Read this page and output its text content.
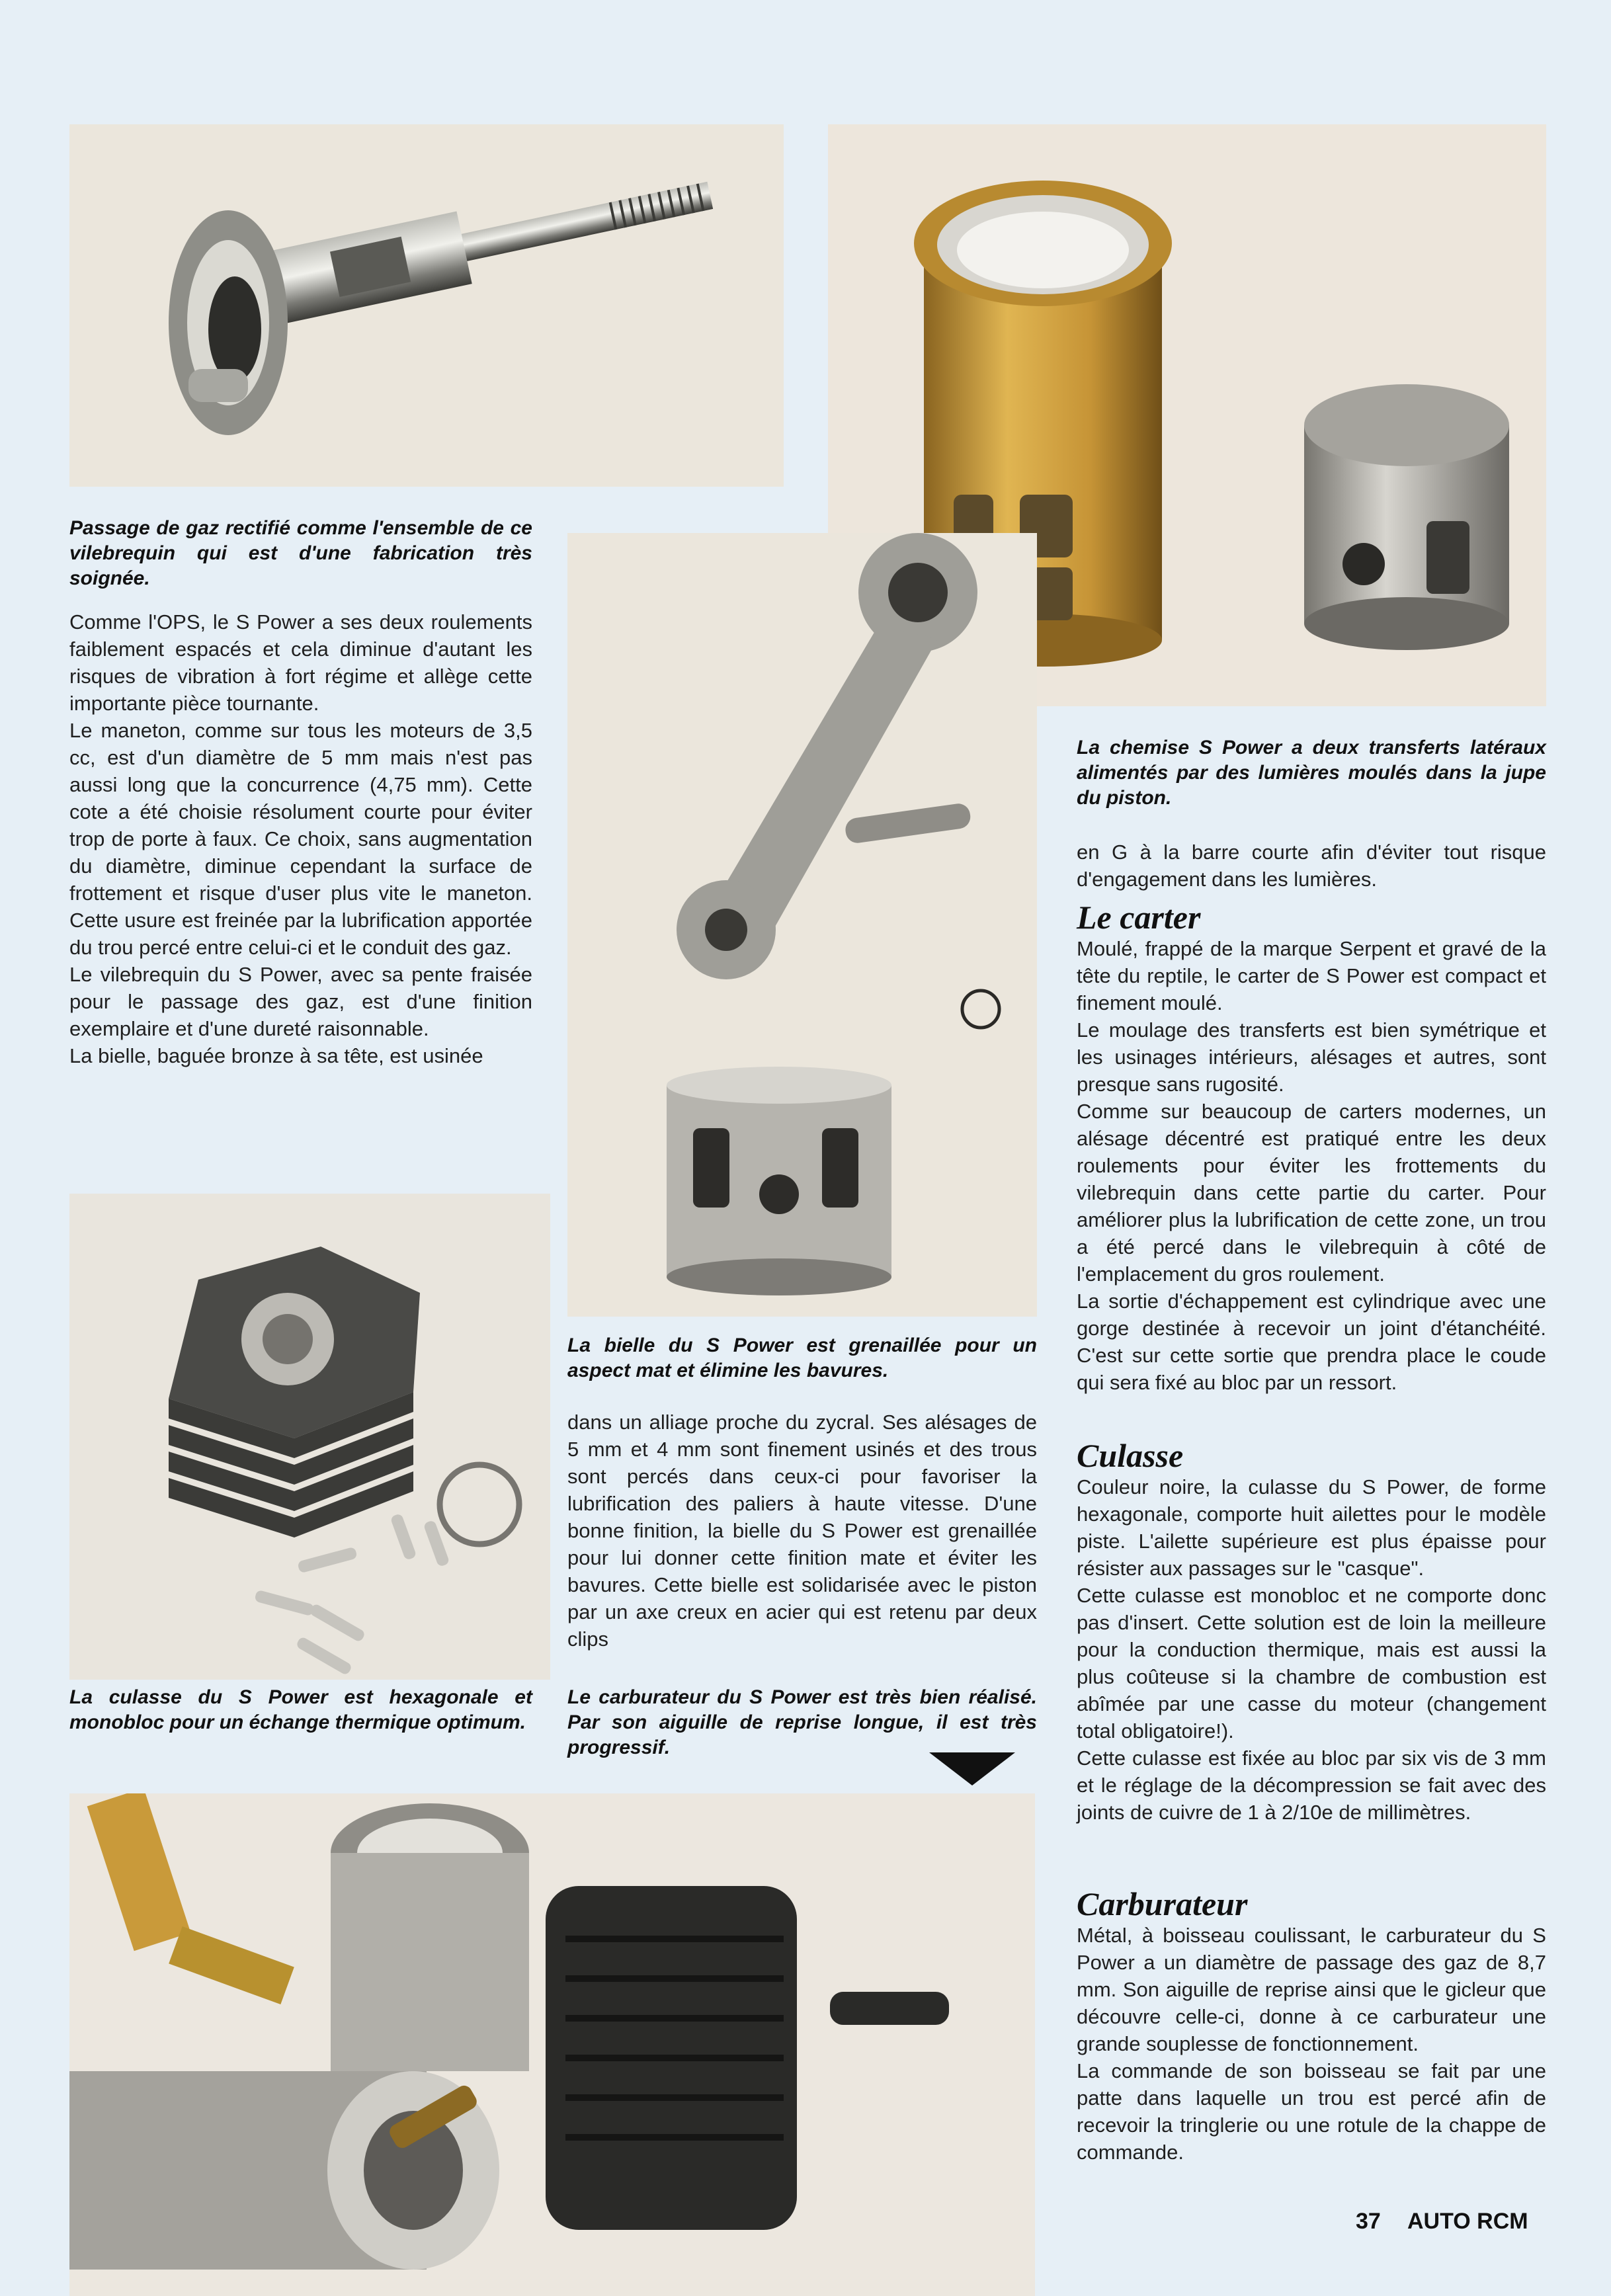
Passage de gaz rectifié comme l'ensemble de ce vilebrequin qui est d'une fabrication très soignée.
La chemise S Power a deux transferts latéraux alimentés par des lumières moulés dans la jupe du piston.
La bielle du S Power est grenaillée pour un aspect mat et élimine les bavures.
La culasse du S Power est hexagonale et monobloc pour un échange thermique optimum.
Le carburateur du S Power est très bien réalisé. Par son aiguille de reprise longue, il est très progressif.

Comme l'OPS, le S Power a ses deux roulements faiblement espacés et cela diminue d'autant les risques de vibration à fort régime et allège cette importante pièce tournante.

Le maneton, comme sur tous les moteurs de 3,5 cc, est d'un diamètre de 5 mm mais n'est pas aussi long que la concurrence (4,75 mm). Cette cote a été choisie résolument courte pour éviter trop de porte à faux. Ce choix, sans augmentation du diamètre, diminue cependant la surface de frottement et risque d'user plus vite le maneton. Cette usure est freinée par la lubrification apportée du trou percé entre celui-ci et le conduit des gaz.

Le vilebrequin du S Power, avec sa pente fraisée pour le passage des gaz, est d'une finition exemplaire et d'une dureté raisonnable.

La bielle, baguée bronze à sa tête, est usinée

dans un alliage proche du zycral. Ses alésages de 5 mm et 4 mm sont finement usinés et des trous sont percés dans ceux-ci pour favoriser la lubrification des paliers à haute vitesse. D'une bonne finition, la bielle du S Power est grenaillée pour lui donner cette finition mate et éviter les bavures. Cette bielle est solidarisée avec le piston par un axe creux en acier qui est retenu par deux clips

en G à la barre courte afin d'éviter tout risque d'engagement dans les lumières.

Le carter

Moulé, frappé de la marque Serpent et gravé de la tête du reptile, le carter de S Power est compact et finement moulé.

Le moulage des transferts est bien symétrique et les usinages intérieurs, alésages et autres, sont presque sans rugosité.

Comme sur beaucoup de carters modernes, un alésage décentré est pratiqué entre les deux roulements pour éviter les frottements du vilebrequin dans cette partie du carter. Pour améliorer plus la lubrification de cette zone, un trou a été percé dans le vilebrequin à côté de l'emplacement du gros roulement.

La sortie d'échappement est cylindrique avec une gorge destinée à recevoir un joint d'étanchéité. C'est sur cette sortie que prendra place le coude qui sera fixé au bloc par un ressort.

Culasse

Couleur noire, la culasse du S Power, de forme hexagonale, comporte huit ailettes pour le modèle piste. L'ailette supérieure est plus épaisse pour résister aux passages sur le "casque".

Cette culasse est monobloc et ne comporte donc pas d'insert. Cette solution est de loin la meilleure pour la conduction thermique, mais est aussi la plus coûteuse si la chambre de combustion est abîmée par une casse du moteur (changement total obligatoire!).

Cette culasse est fixée au bloc par six vis de 3 mm et le réglage de la décompression se fait avec des joints de cuivre de 1 à 2/10e de millimètres.

Carburateur

Métal, à boisseau coulissant, le carburateur du S Power a un diamètre de passage des gaz de 8,7 mm. Son aiguille de reprise ainsi que le gicleur que découvre celle-ci, donne à ce carburateur une grande souplesse de fonctionnement.

La commande de son boisseau se fait par une patte dans laquelle un trou est percé afin de recevoir la tringlerie ou une rotule de la chappe de commande.

37 AUTO RCM
